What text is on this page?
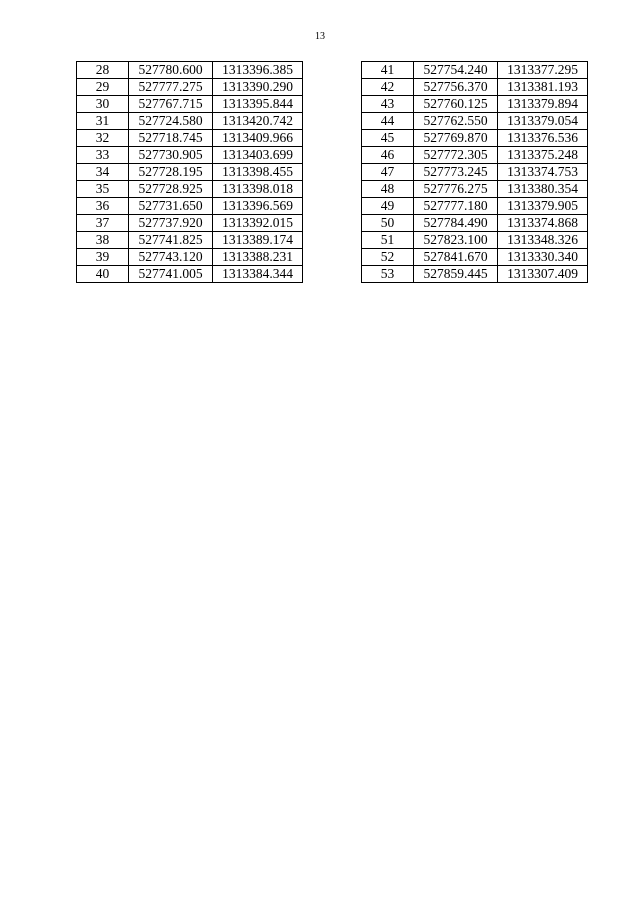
13
28	527780.600	1313396.385
29	527777.275	1313390.290
30	527767.715	1313395.844
31	527724.580	1313420.742
32	527718.745	1313409.966
33	527730.905	1313403.699
34	527728.195	1313398.455
35	527728.925	1313398.018
36	527731.650	1313396.569
37	527737.920	1313392.015
38	527741.825	1313389.174
39	527743.120	1313388.231
40	527741.005	1313384.344
41	527754.240	1313377.295
42	527756.370	1313381.193
43	527760.125	1313379.894
44	527762.550	1313379.054
45	527769.870	1313376.536
46	527772.305	1313375.248
47	527773.245	1313374.753
48	527776.275	1313380.354
49	527777.180	1313379.905
50	527784.490	1313374.868
51	527823.100	1313348.326
52	527841.670	1313330.340
53	527859.445	1313307.409
